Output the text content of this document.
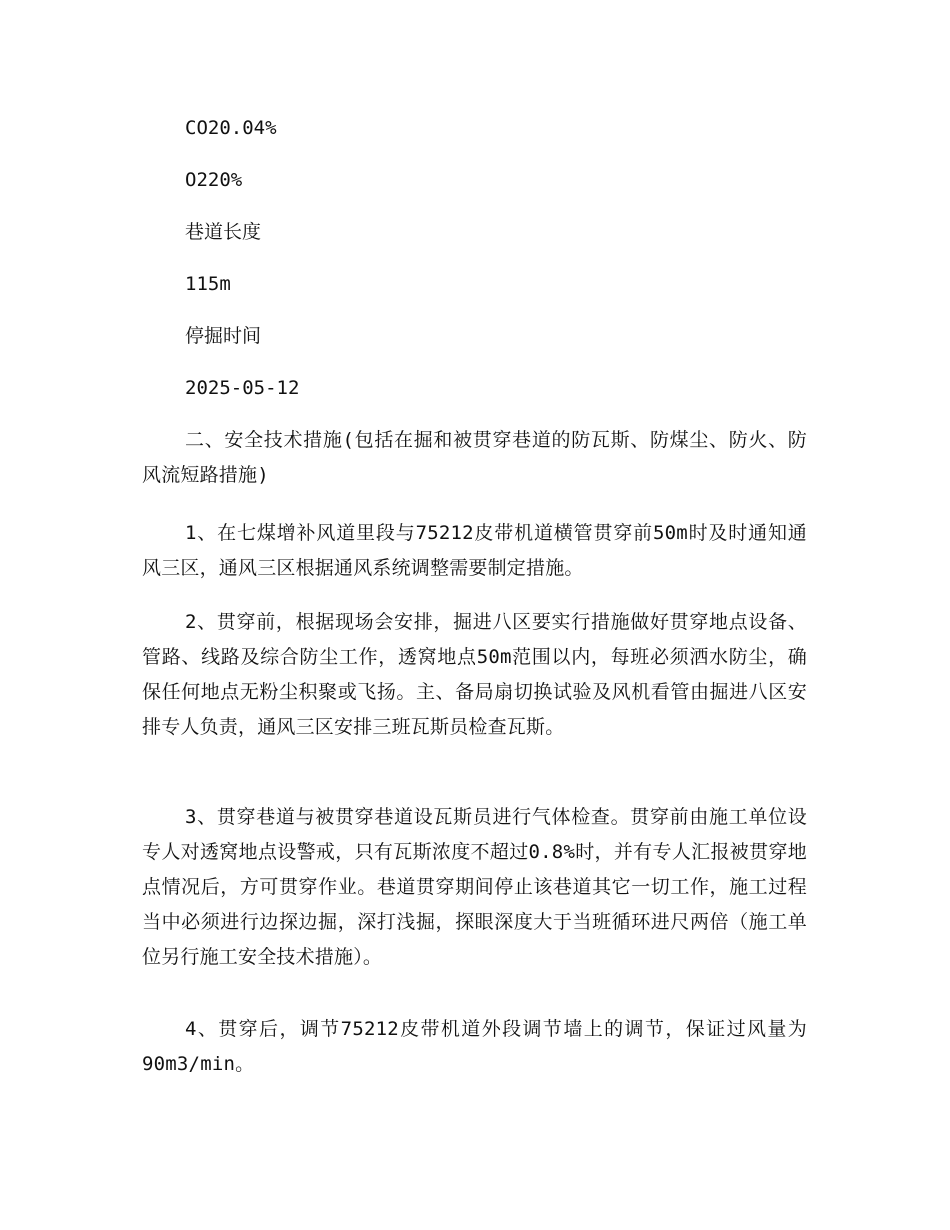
CO20.04%
O220%
巷道长度
115m
停掘时间
2025-05-12

二、安全技术措施(包括在掘和被贯穿巷道的防瓦斯、防煤尘、防火、防风流短路措施)

1、在七煤增补风道里段与75212皮带机道横管贯穿前50m时及时通知通风三区，通风三区根据通风系统调整需要制定措施。

2、贯穿前，根据现场会安排，掘进八区要实行措施做好贯穿地点设备、管路、线路及综合防尘工作，透窝地点50m范围以内，每班必须洒水防尘，确保任何地点无粉尘积聚或飞扬。主、备局扇切换试验及风机看管由掘进八区安排专人负责，通风三区安排三班瓦斯员检查瓦斯。

3、贯穿巷道与被贯穿巷道设瓦斯员进行气体检查。贯穿前由施工单位设专人对透窝地点设警戒，只有瓦斯浓度不超过0.8%时，并有专人汇报被贯穿地点情况后，方可贯穿作业。巷道贯穿期间停止该巷道其它一切工作，施工过程当中必须进行边探边掘，深打浅掘，探眼深度大于当班循环进尺两倍（施工单位另行施工安全技术措施）。

4、贯穿后，调节75212皮带机道外段调节墙上的调节，保证过风量为90m3/min。
